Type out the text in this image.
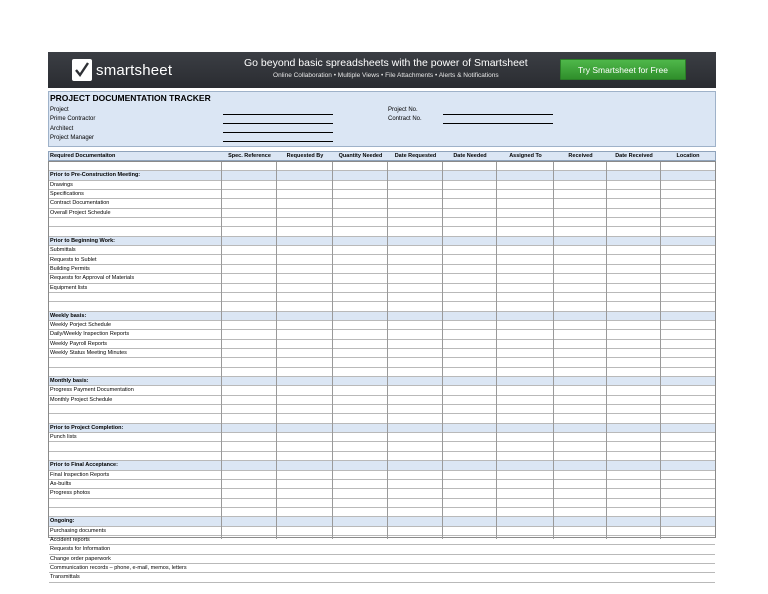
smartsheet	Go beyond basic spreadsheets with the power of Smartsheet
Online Collaboration • Multiple Views • File Attachments • Alerts & Notifications
Try Smartsheet for Free
PROJECT DOCUMENTATION TRACKER
Project
Prime Contractor
Architect
Project Manager
Project No.
Contract No.
Required Documentaiton	Spec. Reference	Requested By	Quantity Needed	Date Requested	Date Needed	Assigned To	Received	Date Received	Location
Prior to Pre-Construction Meeting:
Drawings
Specifications
Contract Documentation
Overall Project Schedule
Prior to Beginning Work:
Submittals
Requests to Sublet
Building Permits
Requests for Approval of Materials
Equipment lists
Weekly basis:
Weekly Porject Schedule
Daily/Weekly Inspection Reports
Weekly Payroll Reports
Weekly Status Meeting Minutes
Monthly basis:
Progress Payment Documentation
Monthly Project Schedule
Prior to Project Completion:
Punch lists
Prior to Final Acceptance:
Final Inspection Reports
As-builts
Progress photos
Ongoing:
Purchasing documents
Accident reports
Requests for Information
Change order paperwork
Communication records – phone, e-mail, memos, letters
Transmittals
